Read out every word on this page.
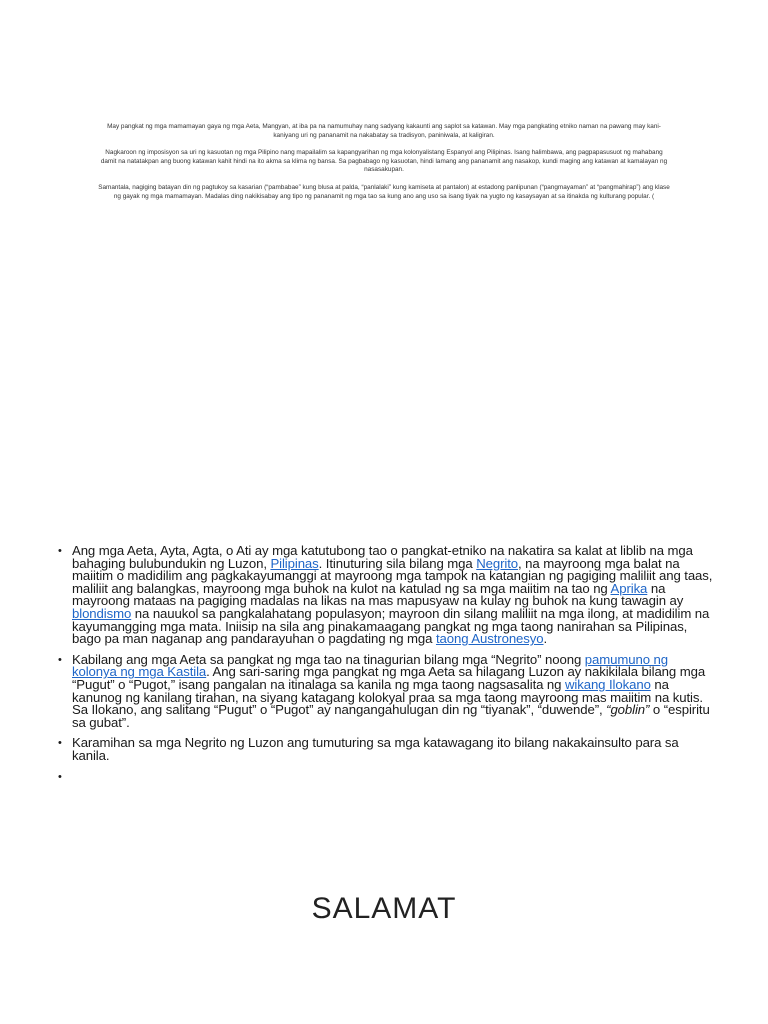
May pangkat ng mga mamamayan gaya ng mga Aeta, Mangyan, at iba pa na namumuhay nang sadyang kakaunti ang saplot sa katawan. May mga pangkating etniko naman na pawang may kani-kaniyang uri ng pananamit na nakabatay sa tradisyon, paniniwala, at kaligiran.

Nagkaroon ng imposisyon sa uri ng kasuotan ng mga Pilipino nang mapailalim sa kapangyarihan ng mga kolonyalistang Espanyol ang Pilipinas. Isang halimbawa, ang pagpapasusuot ng mahabang damit na natatakpan ang buong katawan kahit hindi na ito akma sa klima ng bansa. Sa pagbabago ng kasuotan, hindi lamang ang pananamit ang nasakop, kundi maging ang katawan at kamalayan ng nasasakupan.

Samantala, nagiging batayan din ng pagtukoy sa kasarian (“pambabae” kung blusa at palda, “panlalaki” kung kamiseta at pantalon) at estadong panlipunan (“pangmayaman” at “pangmahirap”) ang klase ng gayak ng mga mamamayan. Madalas ding nakikisabay ang tipo ng pananamit ng mga tao sa kung ano ang uso sa isang tiyak na yugto ng kasaysayan at sa itinakda ng kulturang popular. (

• Ang mga Aeta, Ayta, Agta, o Ati ay mga katutubong tao o pangkat-etniko na nakatira sa kalat at liblib na mga bahaging bulubundukin ng Luzon, Pilipinas. Itinuturing sila bilang mga Negrito, na mayroong mga balat na maiitim o madidilim ang pagkakayumanggi at mayroong mga tampok na katangian ng pagiging maliliit ang taas, maliliit ang balangkas, mayroong mga buhok na kulot na katulad ng sa mga maiitim na tao ng Aprika na mayroong mataas na pagiging madalas na likas na mas mapusyaw na kulay ng buhok na kung tawagin ay blondismo na nauukol sa pangkalahatang populasyon; mayroon din silang maliliit na mga ilong, at madidilim na kayumangging mga mata. Iniisip na sila ang pinakamaagang pangkat ng mga taong nanirahan sa Pilipinas, bago pa man naganap ang pandarayuhan o pagdating ng mga taong Austronesyo.
• Kabilang ang mga Aeta sa pangkat ng mga tao na tinagurian bilang mga “Negrito” noong pamumuno ng kolonya ng mga Kastila. Ang sari-saring mga pangkat ng mga Aeta sa hilagang Luzon ay nakikilala bilang mga “Pugut” o “Pugot,” isang pangalan na itinalaga sa kanila ng mga taong nagsasalita ng wikang Ilokano na kanunog ng kanilang tirahan, na siyang katagang kolokyal praa sa mga taong mayroong mas maiitim na kutis. Sa Ilokano, ang salitang “Pugut” o “Pugot” ay nangangahulugan din ng “tiyanak”, “duwende”, “goblin” o “espiritu sa gubat”.
• Karamihan sa mga Negrito ng Luzon ang tumuturing sa mga katawagang ito bilang nakakainsulto para sa kanila.
•
SALAMAT
